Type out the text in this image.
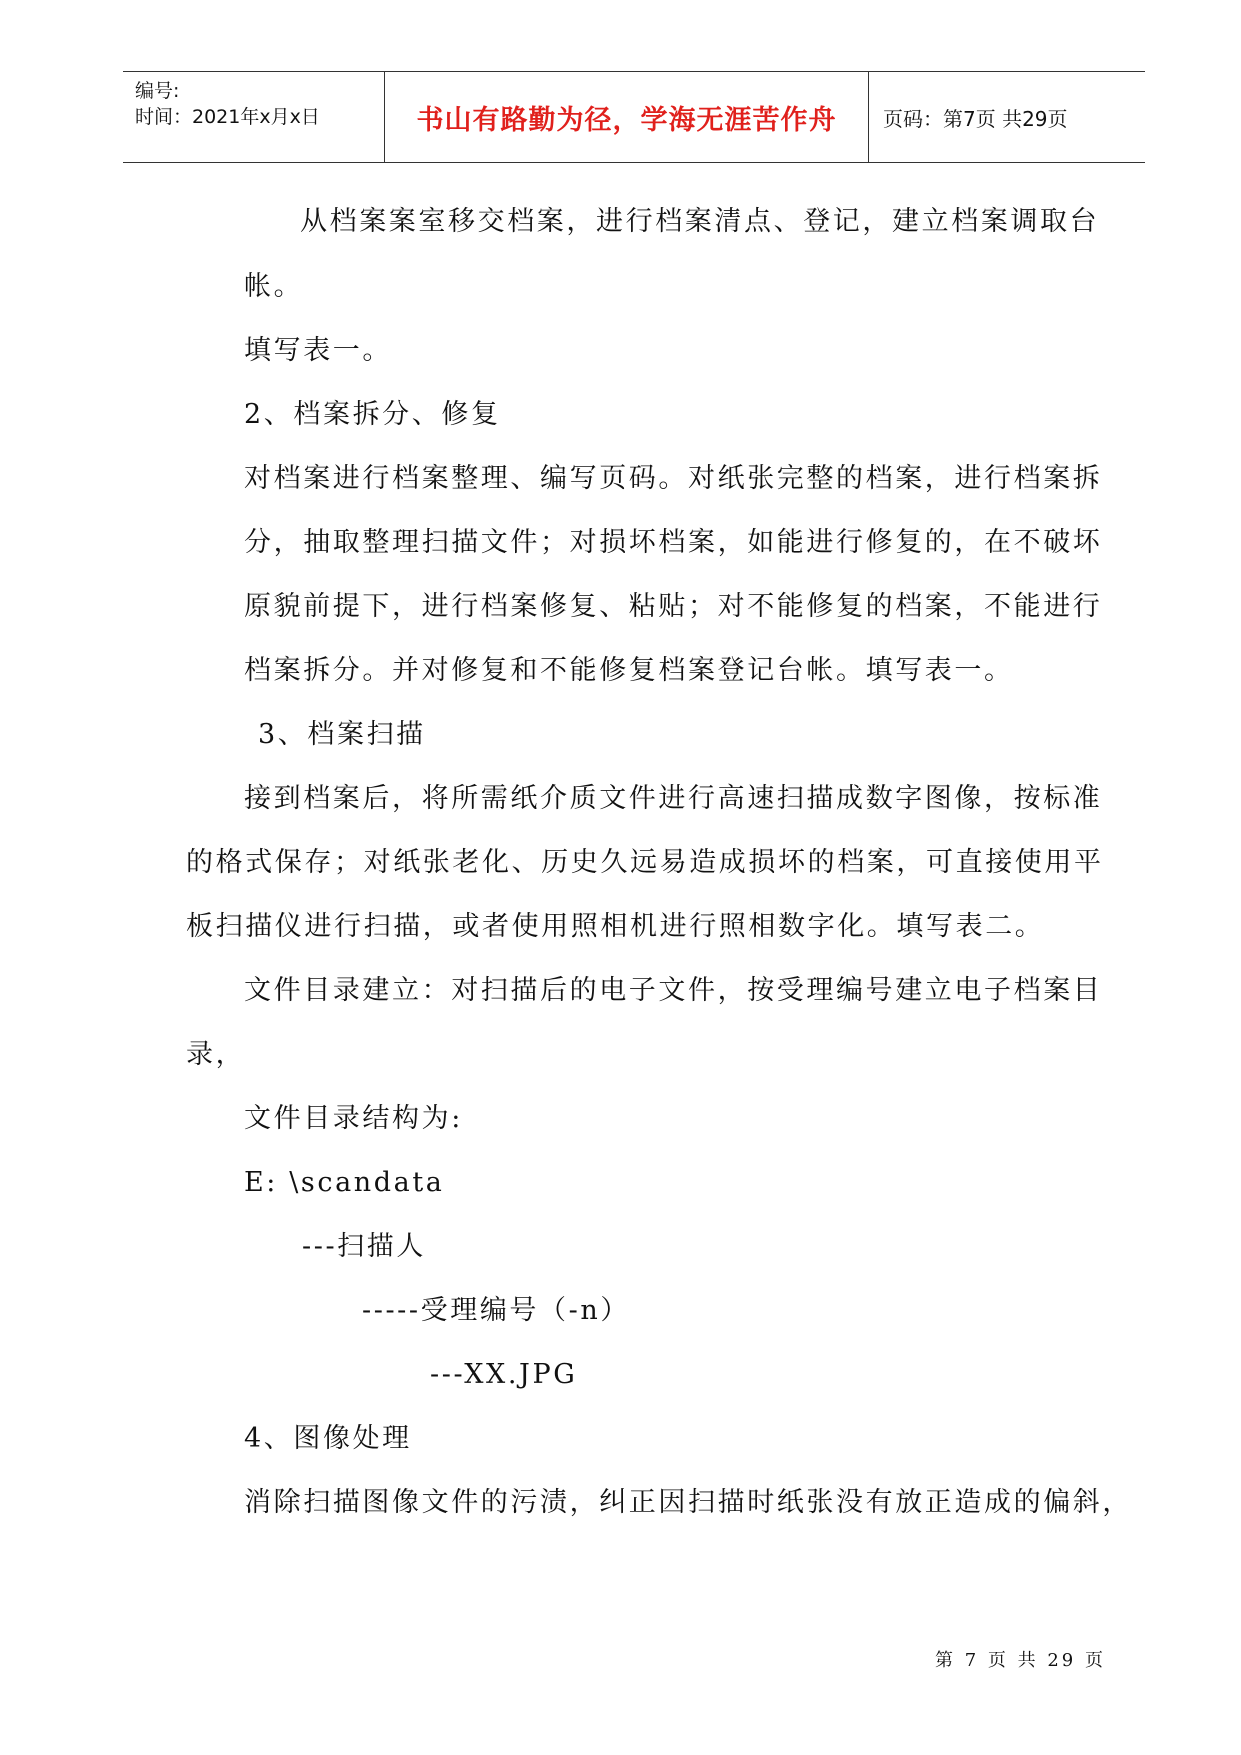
编号:
时间：2021年x月x日	书山有路勤为径，学海无涯苦作舟	页码：第7页 共29页
从档案案室移交档案，进行档案清点、登记，建立档案调取台
帐。
填写表一。
2、档案拆分、修复
对档案进行档案整理、编写页码。对纸张完整的档案，进行档案拆
分，抽取整理扫描文件；对损坏档案，如能进行修复的，在不破坏
原貌前提下，进行档案修复、粘贴；对不能修复的档案，不能进行
档案拆分。并对修复和不能修复档案登记台帐。填写表一。
3、档案扫描
接到档案后，将所需纸介质文件进行高速扫描成数字图像，按标准
的格式保存；对纸张老化、历史久远易造成损坏的档案，可直接使用平
板扫描仪进行扫描，或者使用照相机进行照相数字化。填写表二。
文件目录建立：对扫描后的电子文件，按受理编号建立电子档案目
录，
文件目录结构为:
E: \scandata
---扫描人
-----受理编号（-n）
---XX.JPG
4、图像处理
消除扫描图像文件的污渍，纠正因扫描时纸张没有放正造成的偏斜，
第 7 页 共 29 页
